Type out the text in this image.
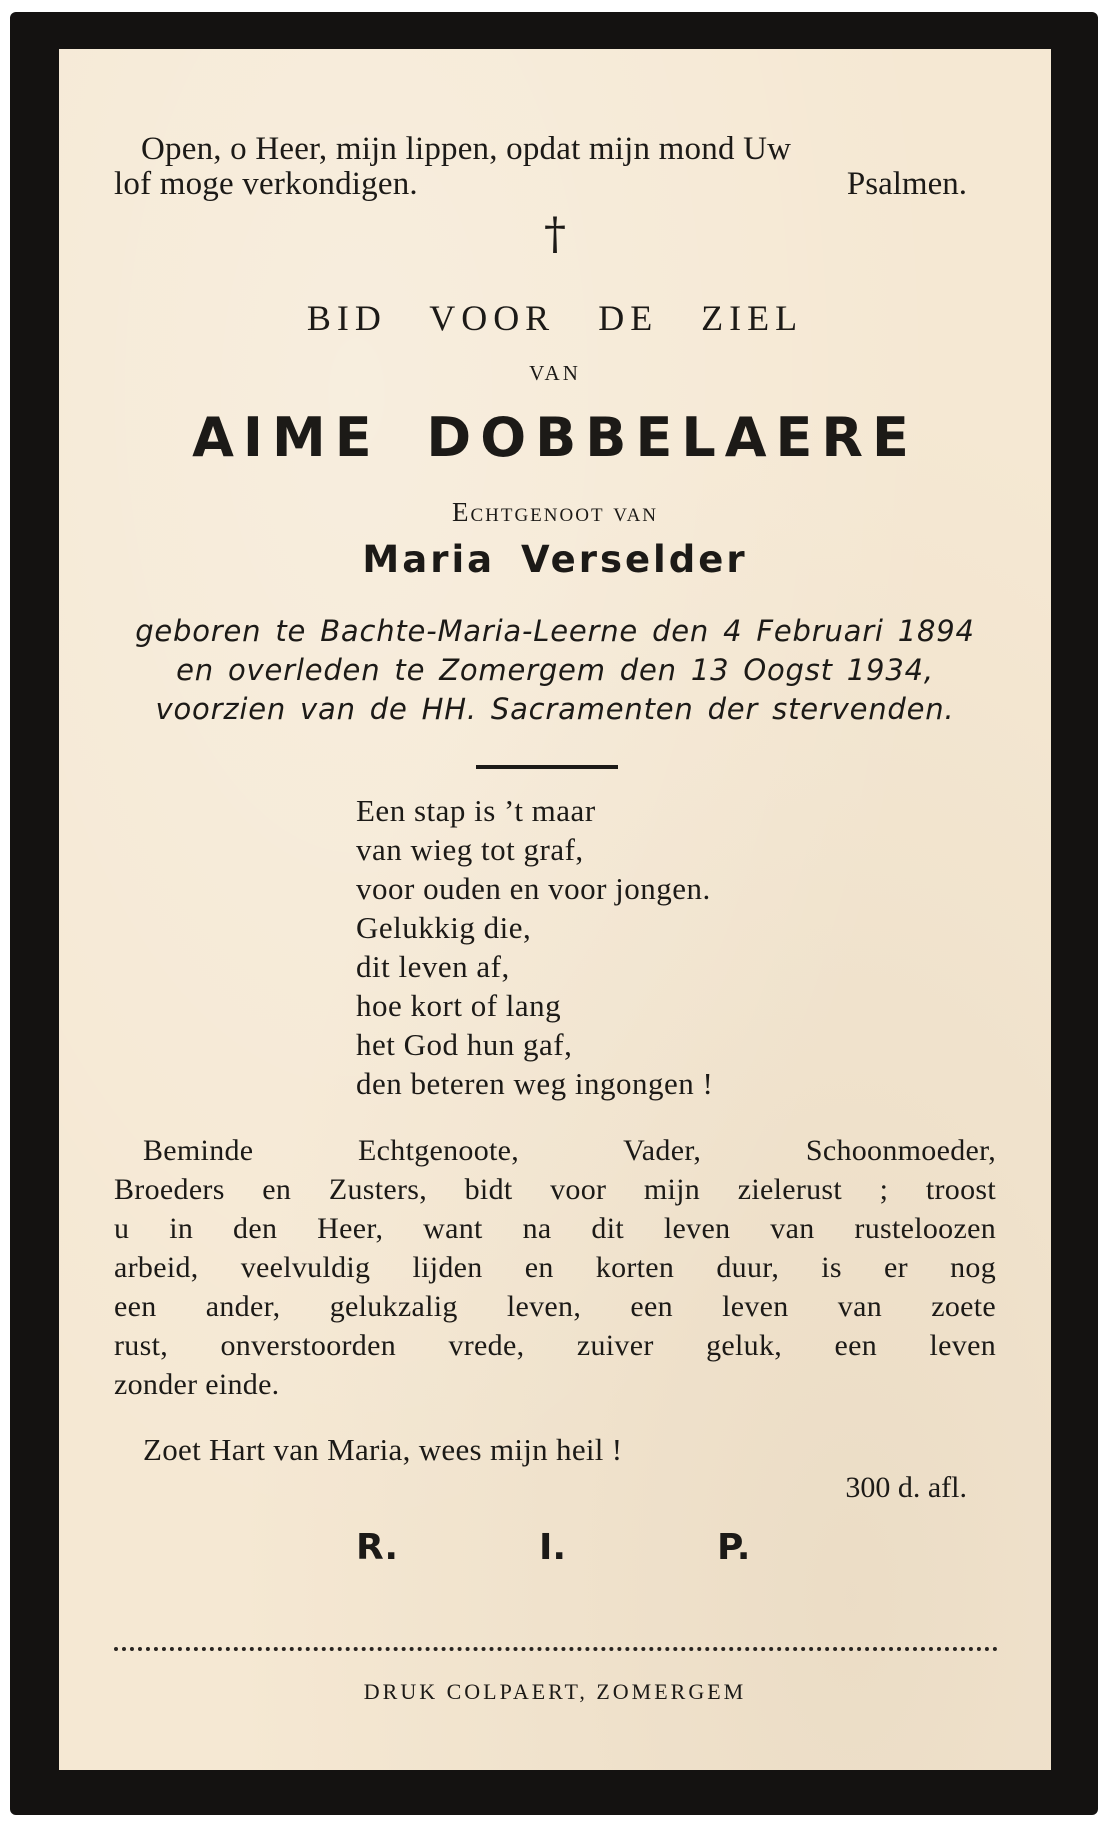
Open, o Heer, mijn lippen, opdat mijn mond Uw
lof moge verkondigen.	Psalmen.
†
BID VOOR DE ZIEL
VAN
AIME DOBBELAERE
Echtgenoot van
Maria Verselder
geboren te Bachte-Maria-Leerne den 4 Februari 1894
en overleden te Zomergem den 13 Oogst 1934,
voorzien van de HH. Sacramenten der stervenden.
Een stap is ’t maar
van wieg tot graf,
voor ouden en voor jongen.
Gelukkig die,
dit leven af,
hoe kort of lang
het God hun gaf,
den beteren weg ingongen !
Beminde Echtgenoote, Vader, Schoonmoeder,
Broeders en Zusters, bidt voor mijn zielerust ; troost
u in den Heer, want na dit leven van rusteloozen
arbeid, veelvuldig lijden en korten duur, is er nog
een ander, gelukzalig leven, een leven van zoete
rust, onverstoorden vrede, zuiver geluk, een leven
zonder einde.
Zoet Hart van Maria, wees mijn heil !
300 d. afl.
R.	I.	P.
DRUK COLPAERT, ZOMERGEM
